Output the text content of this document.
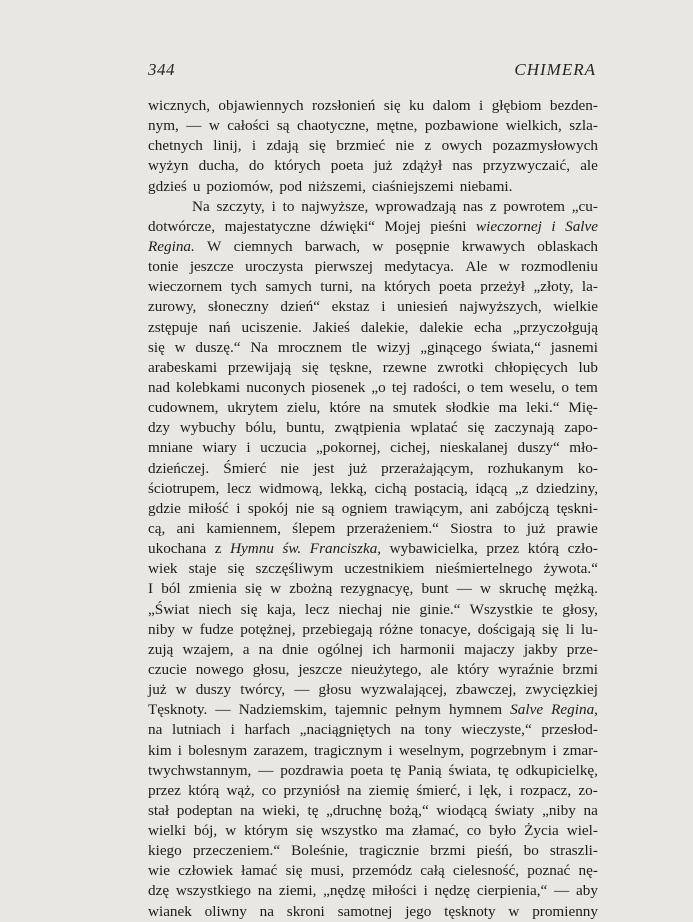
344	CHIMERA
wicznych, objawiennych rozsłonień się ku dalom i głębiom bezden-
nym, — w całości są chaotyczne, mętne, pozbawione wielkich, szla-
chetnych linij, i zdają się brzmieć nie z owych pozazmysłowych
wyżyn ducha, do których poeta już zdążył nas przyzwyczaić, ale
gdzieś u poziomów, pod niższemi, ciaśniejszemi niebami.
Na szczyty, i to najwyższe, wprowadzają nas z powrotem „cu-
dotwórcze, majestatyczne dźwięki“ Mojej pieśni wieczornej i Salve
Regina. W ciemnych barwach, w posępnie krwawych oblaskach
tonie jeszcze uroczysta pierwszej medytacya. Ale w rozmodleniu
wieczornem tych samych turni, na których poeta przeżył „złoty, la-
zurowy, słoneczny dzień“ ekstaz i uniesień najwyższych, wielkie
zstępuje nań uciszenie. Jakieś dalekie, dalekie echa „przyczołgują
się w duszę.“ Na mrocznem tle wizyj „ginącego świata,“ jasnemi
arabeskami przewijają się tęskne, rzewne zwrotki chłopięcych lub
nad kolebkami nuconych piosenek „o tej radości, o tem weselu, o tem
cudownem, ukrytem zielu, które na smutek słodkie ma leki.“ Mię-
dzy wybuchy bólu, buntu, zwątpienia wplatać się zaczynają zapo-
mniane wiary i uczucia „pokornej, cichej, nieskalanej duszy“ mło-
dzieńczej. Śmierć nie jest już przerażającym, rozhukanym ko-
ściotrupem, lecz widmową, lekką, cichą postacią, idącą „z dziedziny,
gdzie miłość i spokój nie są ogniem trawiącym, ani zabójczą tęskni-
cą, ani kamiennem, ślepem przerażeniem.“ Siostra to już prawie
ukochana z Hymnu św. Franciszka, wybawicielka, przez którą czło-
wiek staje się szczęśliwym uczestnikiem nieśmiertelnego żywota.“
I ból zmienia się w zbożną rezygnacyę, bunt — w skruchę mężką.
„Świat niech się kaja, lecz niechaj nie ginie.“ Wszystkie te głosy,
niby w fudze potężnej, przebiegają różne tonacye, dościgają się li lu-
zują wzajem, a na dnie ogólnej ich harmonii majaczy jakby prze-
czucie nowego głosu, jeszcze nieużytego, ale który wyraźnie brzmi
już w duszy twórcy, — głosu wyzwalającej, zbawczej, zwycięzkiej
Tęsknoty. — Nadziemskim, tajemnic pełnym hymnem Salve Regina,
na lutniach i harfach „naciągniętych na tony wieczyste,“ przesłod-
kim i bolesnym zarazem, tragicznym i weselnym, pogrzebnym i zmar-
twychwstannym, — pozdrawia poeta tę Panią świata, tę odkupicielkę,
przez którą wąż, co przyniósł na ziemię śmierć, i lęk, i rozpacz, zo-
stał podeptan na wieki, tę „druchnę bożą,“ wiodącą światy „niby na
wielki bój, w którym się wszystko ma złamać, co było Życia wiel-
kiego przeczeniem.“ Boleśnie, tragicznie brzmi pieśń, bo straszli-
wie człowiek łamać się musi, przemódz całą cielesność, poznać nę-
dzę wszystkiego na ziemi, „nędzę miłości i nędzę cierpienia,“ — aby
wianek oliwny na skroni samotnej jego tęsknoty w promienny
